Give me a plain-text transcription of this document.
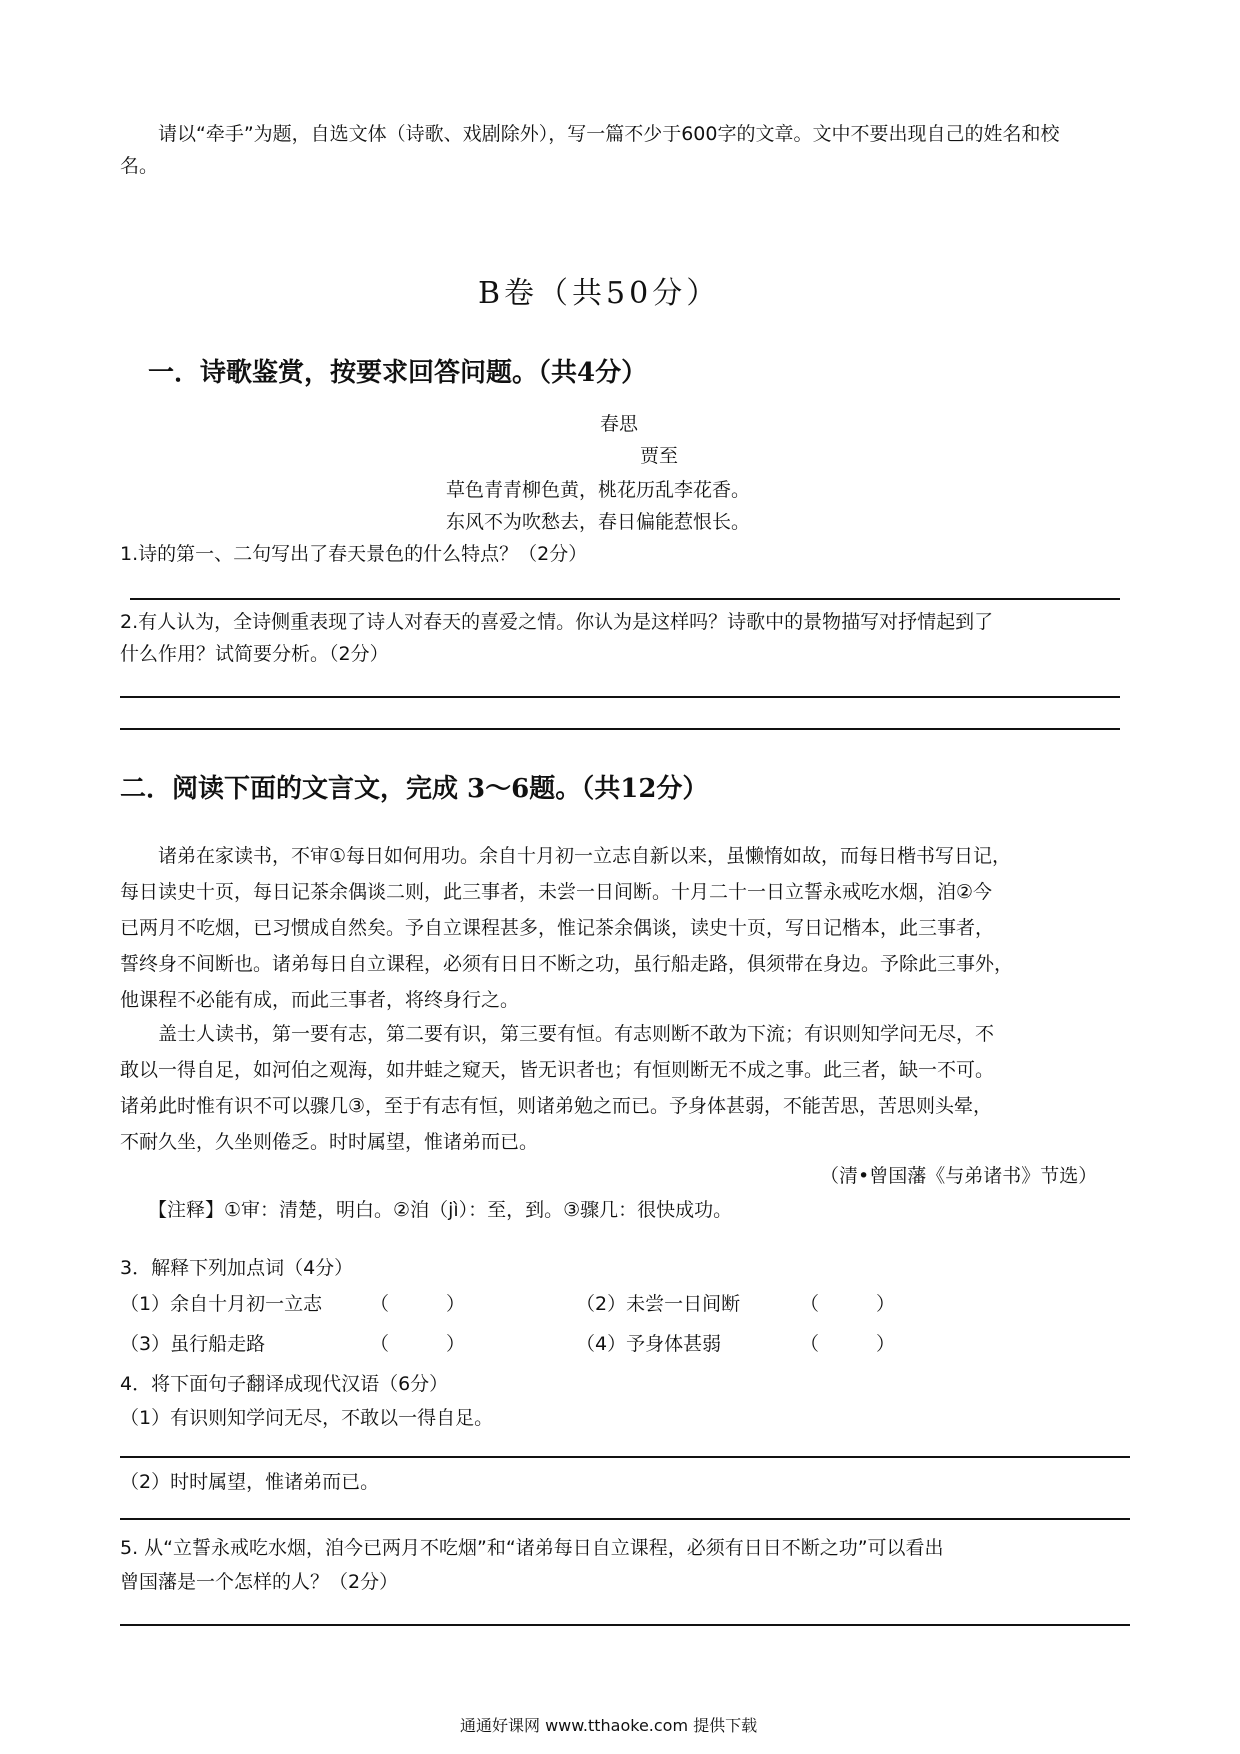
请以“牵手”为题，自选文体（诗歌、戏剧除外），写一篇不少于600字的文章。文中不要出现自己的姓名和校

名。

B卷（共50分）

一．诗歌鉴赏，按要求回答问题。（共4分）

春思

贾至

草色青青柳色黄，桃花历乱李花香。

东风不为吹愁去，春日偏能惹恨长。

1.诗的第一、二句写出了春天景色的什么特点？（2分）

2.有人认为，全诗侧重表现了诗人对春天的喜爱之情。你认为是这样吗？诗歌中的景物描写对抒情起到了

什么作用？试简要分析。（2分）

二．阅读下面的文言文，完成 3～6题。（共12分）

诸弟在家读书，不审①每日如何用功。余自十月初一立志自新以来，虽懒惰如故，而每日楷书写日记，

每日读史十页，每日记茶余偶谈二则，此三事者，未尝一日间断。十月二十一日立誓永戒吃水烟，洎②今

已两月不吃烟，已习惯成自然矣。予自立课程甚多，惟记茶余偶谈，读史十页，写日记楷本，此三事者，

誓终身不间断也。诸弟每日自立课程，必须有日日不断之功，虽行船走路，俱须带在身边。予除此三事外，

他课程不必能有成，而此三事者，将终身行之。

盖士人读书，第一要有志，第二要有识，第三要有恒。有志则断不敢为下流；有识则知学问无尽，不

敢以一得自足，如河伯之观海，如井蛙之窥天，皆无识者也；有恒则断无不成之事。此三者，缺一不可。

诸弟此时惟有识不可以骤几③，至于有志有恒，则诸弟勉之而已。予身体甚弱，不能苦思，苦思则头晕，

不耐久坐，久坐则倦乏。时时属望，惟诸弟而已。

（清•曾国藩《与弟诸书》节选）

【注释】①审：清楚，明白。②洎（jì）：至，到。③骤几：很快成功。

3．解释下列加点词（4分）

（1）余自十月初一立志	（　　　）	（2）未尝一日间断	（　　　）

（3）虽行船走路	（　　　）	（4）予身体甚弱	（　　　）

4．将下面句子翻译成现代汉语（6分）

（1）有识则知学问无尽，不敢以一得自足。

（2）时时属望，惟诸弟而已。

5. 从“立誓永戒吃水烟，洎今已两月不吃烟”和“诸弟每日自立课程，必须有日日不断之功”可以看出

曾国藩是一个怎样的人？（2分）

通通好课网 www.tthaoke.com 提供下载
